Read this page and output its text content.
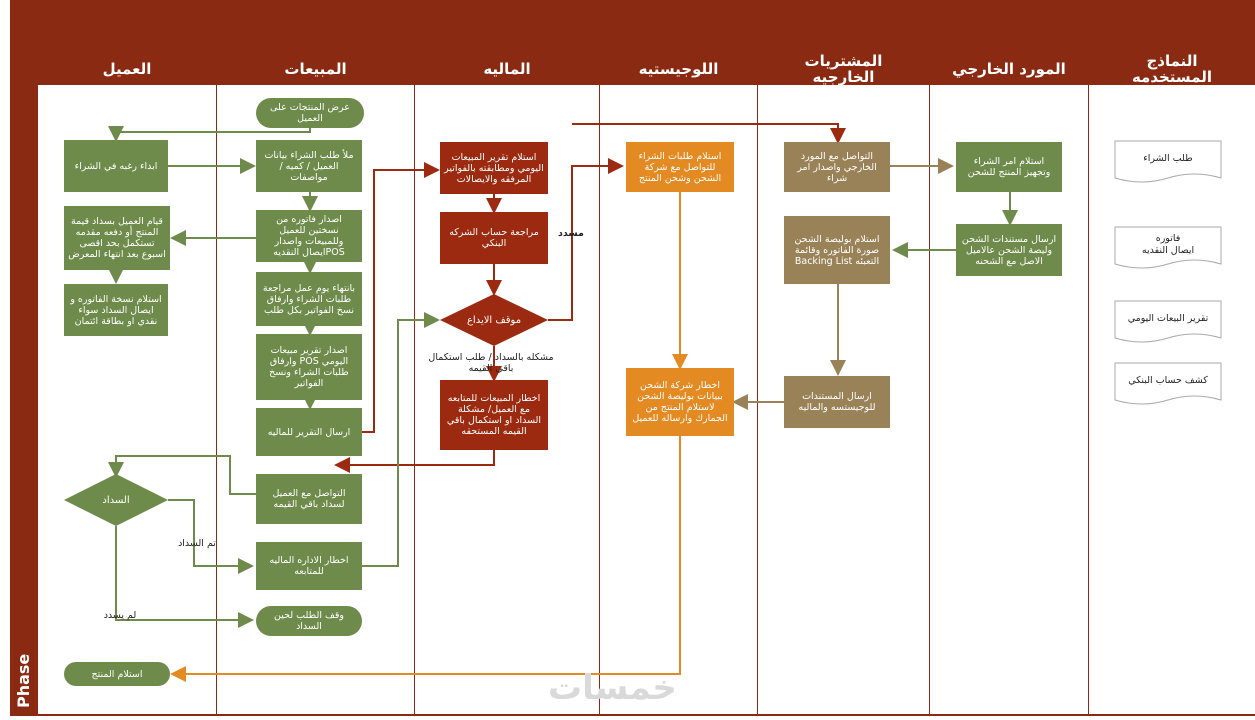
Phase
العميل	المبيعات	الماليه	اللوجيستيه	المشتريات
الخارجيه	المورد الخارجي	النماذج
المستخدمه
ابداء رغبه في الشراء
قيام العميل بسداد قيمة المنتج أو دفعه مقدمه تستكمل بحد اقصى اسبوع بعد انتهاء المعرض
استلام نسخة الفاتوره و ايصال السداد سواء نقدي او بطاقة ائتمان
السداد
استلام المنتج
عرض المنتجات على العميل
ملأ طلب الشراء بيانات العميل / كميه / مواصفات
اصدار فاتوره من نسختين للعميل وللمبيعات واصدار POSايصال النقديه
بانتهاء يوم عمل مراجعة طلبات الشراء وارفاق نسخ الفواتير بكل طلب
اصدار تقرير مبيعات اليومي POS وارفاق طلبات الشراء ونسخ الفواتير
ارسال التقرير للماليه
التواصل مع العميل لسداد باقي القيمه
اخطار الاداره الماليه للمتابعه
وقف الطلب لحين السداد
استلام تقرير المبيعات اليومي ومطابقته بالفواتير المرفقه والايصالات
مراجعة حساب الشركه البنكي
موقف الايداع
اخطار المبيعات للمتابعه مع العميل/ مشكلة السداد او استكمال باقي القيمه المستحقه
استلام طلبات الشراء للتواصل مع شركة الشحن وشحن المنتج
اخطار شركة الشحن ببيانات بوليصة الشحن لاستلام المنتج من الجمارك وارساله للعميل
التواصل مع المورد الخارجي واصدار امر شراء
استلام بوليصة الشحن صورة الفاتوره وقائمة التعبئه Backing List
ارسال المستندات للوجيستسه والماليه
استلام امر الشراء وتجهيز المنتج للشحن
ارسال مستندات الشحن وليصة الشحن عالاميل الاصل مع الشحنه
مسدد
مشكله بالسداد / طلب استكمال باقي القيمه
تم السداد
لم يسدد
طلب الشراء
فاتوره
ايصال النقديه
تقرير البيعات اليومي
كشف حساب البنكي
خمسات
